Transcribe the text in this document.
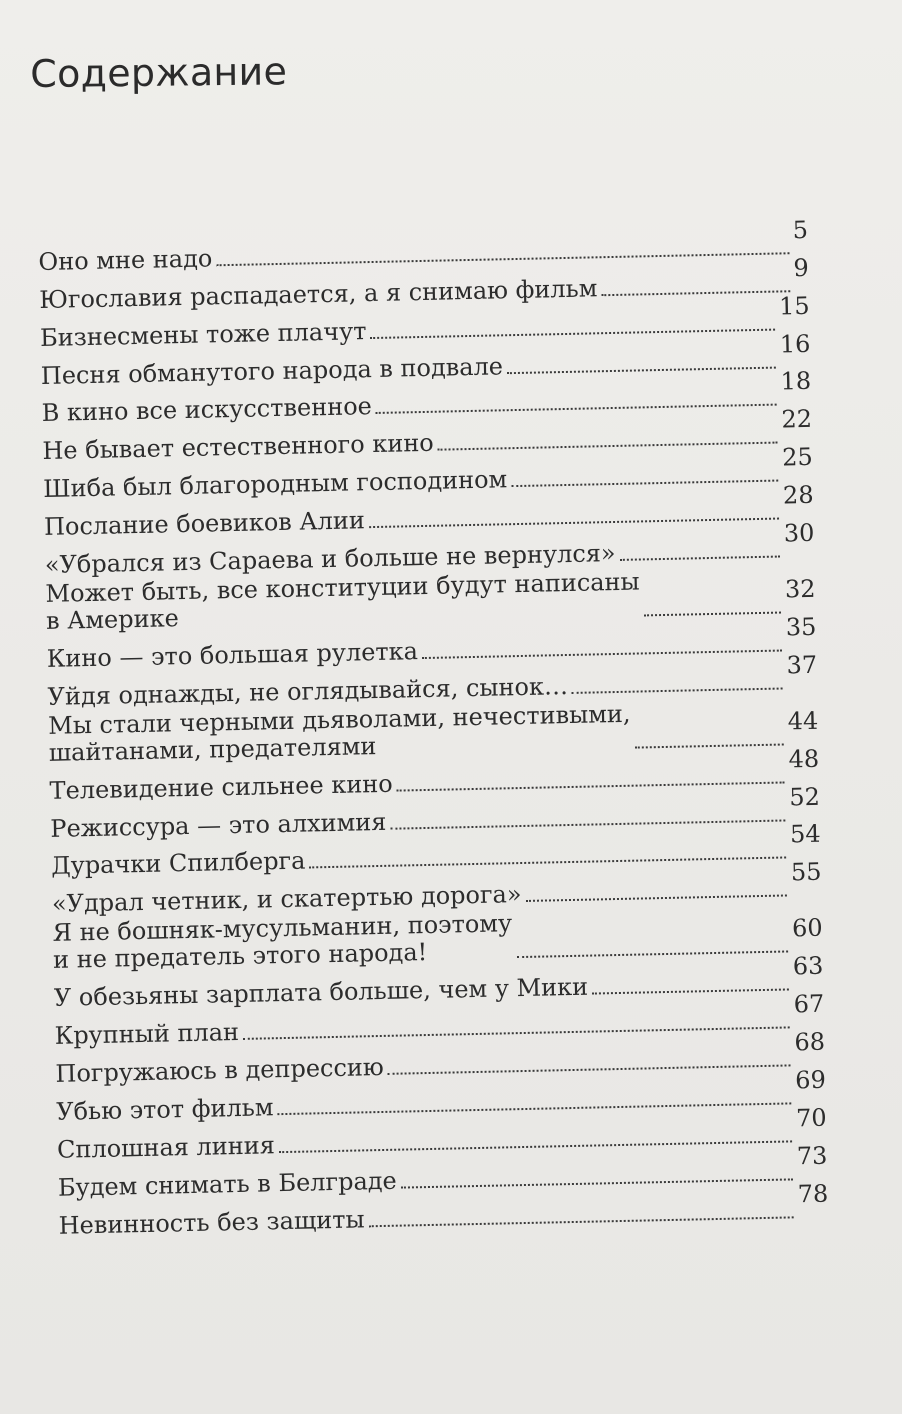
Содержание
Оно мне надо
5
Югославия распадается, а я снимаю фильм
9
Бизнесмены тоже плачут
15
Песня обманутого народа в подвале
16
В кино все искусственное
18
Не бывает естественного кино
22
Шиба был благородным господином
25
Послание боевиков Алии
28
«Убрался из Сараева и больше не вернулся»
30
Может быть, все конституции будут написаны
в Америке
32
Кино — это большая рулетка
35
Уйдя однажды, не оглядывайся, сынок…
37
Мы стали черными дьяволами, нечестивыми,
шайтанами, предателями
44
Телевидение сильнее кино
48
Режиссура — это алхимия
52
Дурачки Спилберга
54
«Удрал четник, и скатертью дорога»
55
Я не бошняк-мусульманин, поэтому
и не предатель этого народа!
60
У обезьяны зарплата больше, чем у Мики
63
Крупный план
67
Погружаюсь в депрессию
68
Убью этот фильм
69
Сплошная линия
70
Будем снимать в Белграде
73
Невинность без защиты
78
